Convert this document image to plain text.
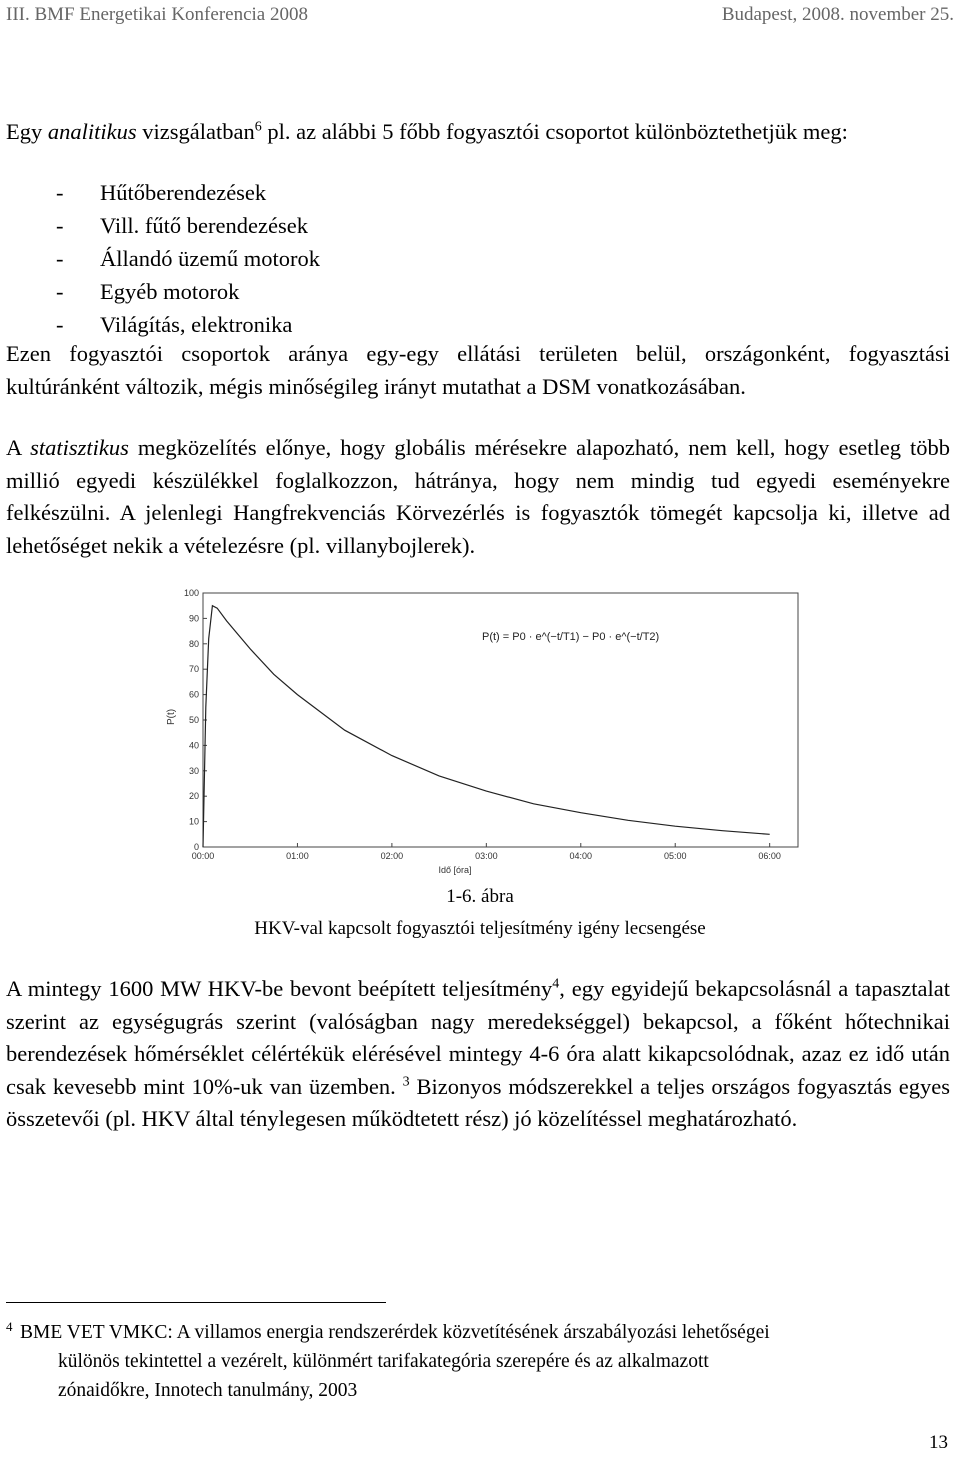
III. BMF Energetikai Konferencia 2008	Budapest, 2008. november 25.
Egy analitikus vizsgálatban$^6$ pl. az alábbi 5 főbb fogyasztói csoportot különböztethetjük meg:
-	Hűtőberendezések
-	Vill. fűtő berendezések
-	Állandó üzemű motorok
-	Egyéb motorok
-	Világítás, elektronika
Ezen fogyasztói csoportok aránya egy-egy ellátási területen belül, országonként, fogyasztási kultúránként változik, mégis minőségileg irányt mutathat a DSM vonatkozásában.
A statisztikus megközelítés előnye, hogy globális mérésekre alapozható, nem kell, hogy esetleg több millió egyedi készülékkel foglalkozzon, hátránya, hogy nem mindig tud egyedi eseményekre felkészülni. A jelenlegi Hangfrekvenciás Körvezérlés is fogyasztók tömegét kapcsolja ki, illetve ad lehetőséget nekik a vételezésre (pl. villanybojlerek).
P(t) = P0 · e^(−t/T1) − P0 · e^(−t/T2)
P(t)
Idő [óra]
0
10
20
30
40
50
60
70
80
90
100
00:00	01:00	02:00	03:00	04:00	05:00	06:00
1-6. ábra
HKV-val kapcsolt fogyasztói teljesítmény igény lecsengése
A mintegy 1600 MW HKV-be bevont beépített teljesítmény$^4$, egy egyidejű bekapcsolásnál a tapasztalat szerint az egységugrás szerint (valóságban nagy meredekséggel) bekapcsol, a főként hőtechnikai berendezések hőmérséklet célértékük elérésével mintegy 4-6 óra alatt kikapcsolódnak, azaz ez idő után csak kevesebb mint 10%-uk van üzemben. $^3$ Bizonyos módszerekkel a teljes országos fogyasztás egyes összetevői (pl. HKV által ténylegesen működtetett rész) jó közelítéssel meghatározható.
4 BME VET VMKC: A villamos energia rendszerérdek közvetítésének árszabályozási lehetőségei
különös tekintettel a vezérelt, különmért tarifakategória szerepére és az alkalmazott
zónaidőkre, Innotech tanulmány, 2003
13
